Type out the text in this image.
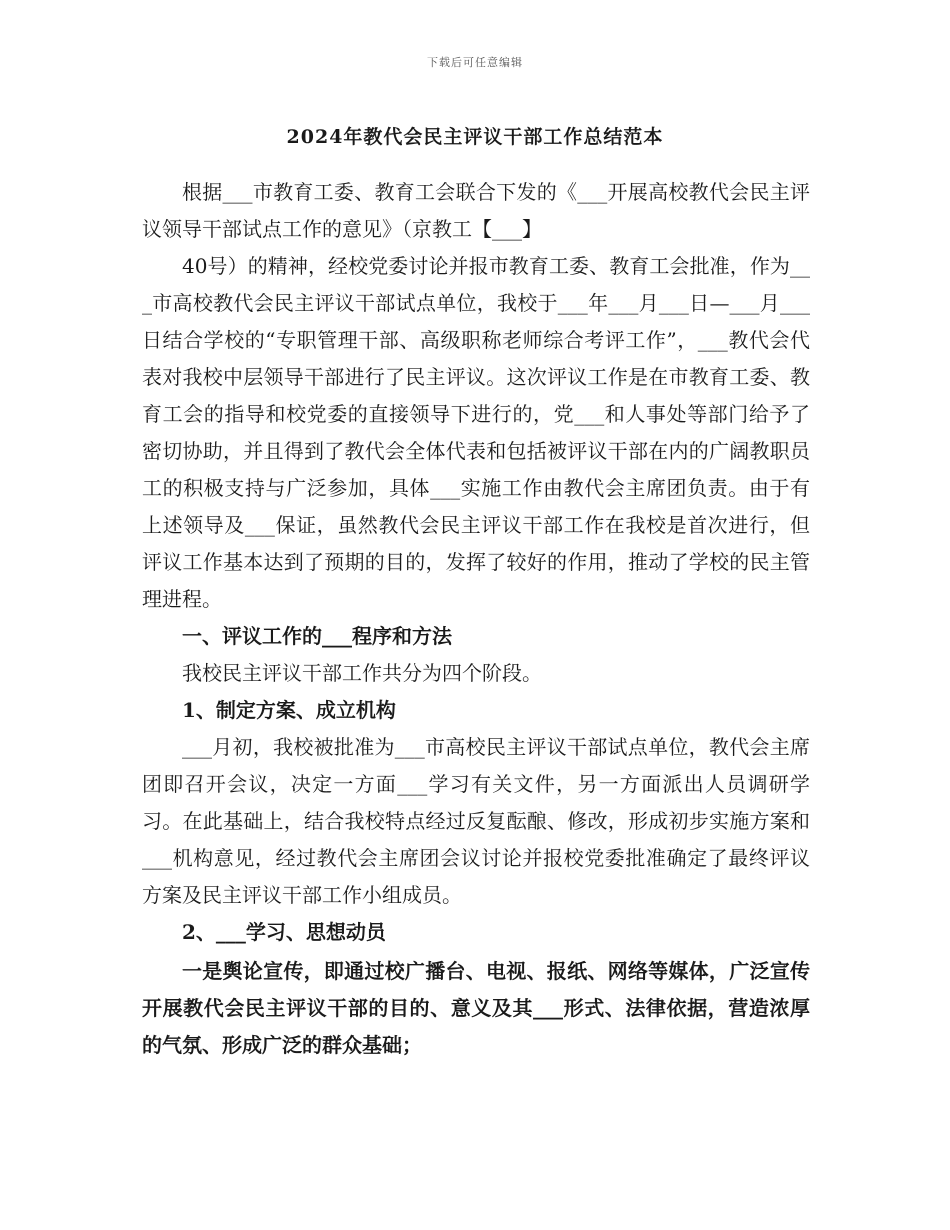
下载后可任意编辑
2024年教代会民主评议干部工作总结范本

根据___市教育工委、教育工会联合下发的《___开展高校教代会民主评议领导干部试点工作的意见》（京教工【___】

40号）的精神，经校党委讨论并报市教育工委、教育工会批准，作为___市高校教代会民主评议干部试点单位，我校于___年___月___日—___月___日结合学校的“专职管理干部、高级职称老师综合考评工作”，___教代会代表对我校中层领导干部进行了民主评议。这次评议工作是在市教育工委、教育工会的指导和校党委的直接领导下进行的，党___和人事处等部门给予了密切协助，并且得到了教代会全体代表和包括被评议干部在内的广阔教职员工的积极支持与广泛参加，具体___实施工作由教代会主席团负责。由于有上述领导及___保证，虽然教代会民主评议干部工作在我校是首次进行，但评议工作基本达到了预期的目的，发挥了较好的作用，推动了学校的民主管理进程。

一、评议工作的___程序和方法

我校民主评议干部工作共分为四个阶段。

1、制定方案、成立机构

___月初，我校被批准为___市高校民主评议干部试点单位，教代会主席团即召开会议，决定一方面___学习有关文件，另一方面派出人员调研学习。在此基础上，结合我校特点经过反复酝酿、修改，形成初步实施方案和___机构意见，经过教代会主席团会议讨论并报校党委批准确定了最终评议方案及民主评议干部工作小组成员。

2、___学习、思想动员

一是舆论宣传，即通过校广播台、电视、报纸、网络等媒体，广泛宣传开展教代会民主评议干部的目的、意义及其___形式、法律依据，营造浓厚的气氛、形成广泛的群众基础；
